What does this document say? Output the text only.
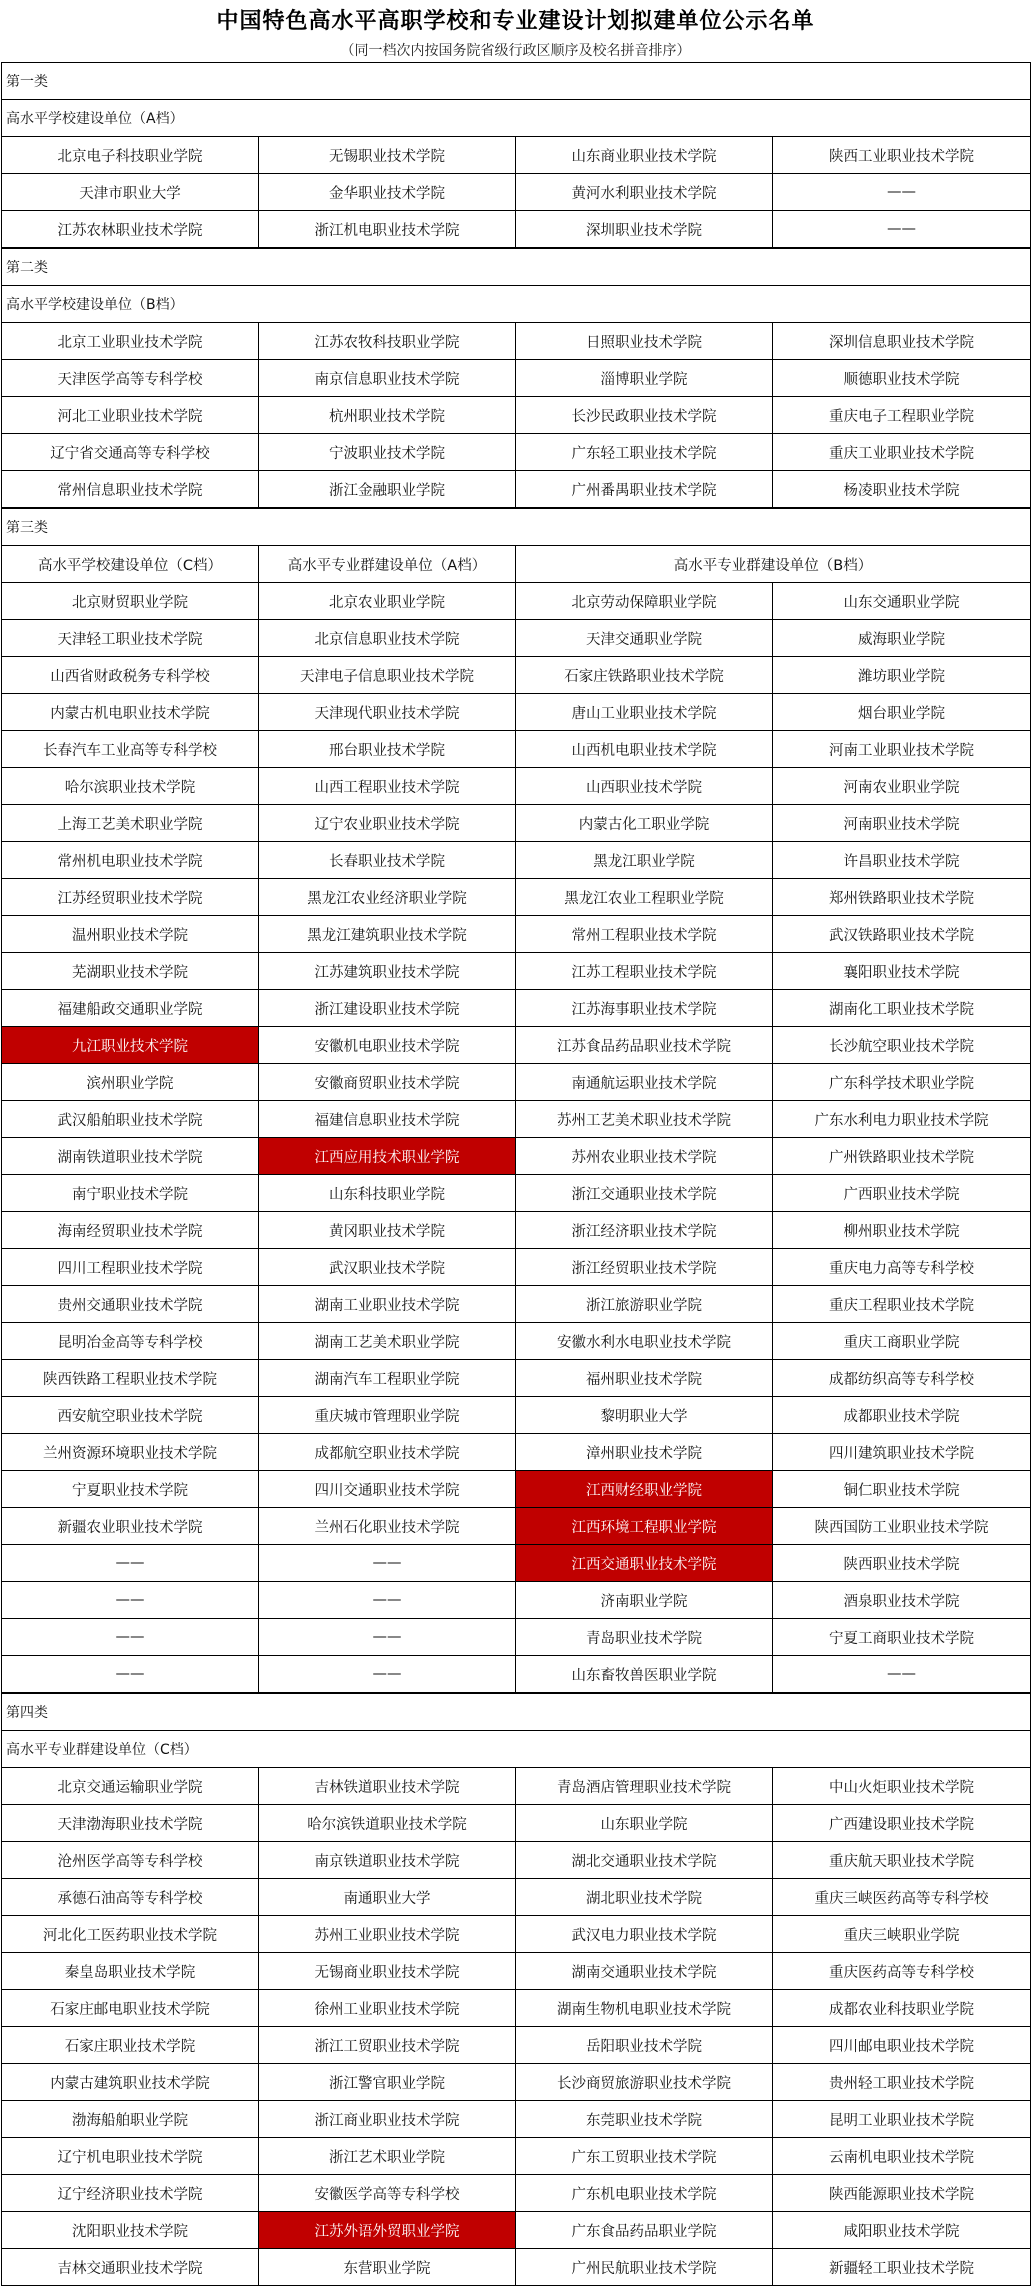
中国特色高水平高职学校和专业建设计划拟建单位公示名单
（同一档次内按国务院省级行政区顺序及校名拼音排序）
第一类			
高水平学校建设单位（A档）			
北京电子科技职业学院	无锡职业技术学院	山东商业职业技术学院	陕西工业职业技术学院
天津市职业大学	金华职业技术学院	黄河水利职业技术学院	——
江苏农林职业技术学院	浙江机电职业技术学院	深圳职业技术学院	——
第二类			
高水平学校建设单位（B档）			
北京工业职业技术学院	江苏农牧科技职业学院	日照职业技术学院	深圳信息职业技术学院
天津医学高等专科学校	南京信息职业技术学院	淄博职业学院	顺德职业技术学院
河北工业职业技术学院	杭州职业技术学院	长沙民政职业技术学院	重庆电子工程职业学院
辽宁省交通高等专科学校	宁波职业技术学院	广东轻工职业技术学院	重庆工业职业技术学院
常州信息职业技术学院	浙江金融职业学院	广州番禺职业技术学院	杨凌职业技术学院
第三类			
高水平学校建设单位（C档）	高水平专业群建设单位（A档）	高水平专业群建设单位（B档）	
北京财贸职业学院	北京农业职业学院	北京劳动保障职业学院	山东交通职业学院
天津轻工职业技术学院	北京信息职业技术学院	天津交通职业学院	威海职业学院
山西省财政税务专科学校	天津电子信息职业技术学院	石家庄铁路职业技术学院	潍坊职业学院
内蒙古机电职业技术学院	天津现代职业技术学院	唐山工业职业技术学院	烟台职业学院
长春汽车工业高等专科学校	邢台职业技术学院	山西机电职业技术学院	河南工业职业技术学院
哈尔滨职业技术学院	山西工程职业技术学院	山西职业技术学院	河南农业职业学院
上海工艺美术职业学院	辽宁农业职业技术学院	内蒙古化工职业学院	河南职业技术学院
常州机电职业技术学院	长春职业技术学院	黑龙江职业学院	许昌职业技术学院
江苏经贸职业技术学院	黑龙江农业经济职业学院	黑龙江农业工程职业学院	郑州铁路职业技术学院
温州职业技术学院	黑龙江建筑职业技术学院	常州工程职业技术学院	武汉铁路职业技术学院
芜湖职业技术学院	江苏建筑职业技术学院	江苏工程职业技术学院	襄阳职业技术学院
福建船政交通职业学院	浙江建设职业技术学院	江苏海事职业技术学院	湖南化工职业技术学院
九江职业技术学院	安徽机电职业技术学院	江苏食品药品职业技术学院	长沙航空职业技术学院
滨州职业学院	安徽商贸职业技术学院	南通航运职业技术学院	广东科学技术职业学院
武汉船舶职业技术学院	福建信息职业技术学院	苏州工艺美术职业技术学院	广东水利电力职业技术学院
湖南铁道职业技术学院	江西应用技术职业学院	苏州农业职业技术学院	广州铁路职业技术学院
南宁职业技术学院	山东科技职业学院	浙江交通职业技术学院	广西职业技术学院
海南经贸职业技术学院	黄冈职业技术学院	浙江经济职业技术学院	柳州职业技术学院
四川工程职业技术学院	武汉职业技术学院	浙江经贸职业技术学院	重庆电力高等专科学校
贵州交通职业技术学院	湖南工业职业技术学院	浙江旅游职业学院	重庆工程职业技术学院
昆明冶金高等专科学校	湖南工艺美术职业学院	安徽水利水电职业技术学院	重庆工商职业学院
陕西铁路工程职业技术学院	湖南汽车工程职业学院	福州职业技术学院	成都纺织高等专科学校
西安航空职业技术学院	重庆城市管理职业学院	黎明职业大学	成都职业技术学院
兰州资源环境职业技术学院	成都航空职业技术学院	漳州职业技术学院	四川建筑职业技术学院
宁夏职业技术学院	四川交通职业技术学院	江西财经职业学院	铜仁职业技术学院
新疆农业职业技术学院	兰州石化职业技术学院	江西环境工程职业学院	陕西国防工业职业技术学院
——	——	江西交通职业技术学院	陕西职业技术学院
——	——	济南职业学院	酒泉职业技术学院
——	——	青岛职业技术学院	宁夏工商职业技术学院
——	——	山东畜牧兽医职业学院	——
第四类			
高水平专业群建设单位（C档）			
北京交通运输职业学院	吉林铁道职业技术学院	青岛酒店管理职业技术学院	中山火炬职业技术学院
天津渤海职业技术学院	哈尔滨铁道职业技术学院	山东职业学院	广西建设职业技术学院
沧州医学高等专科学校	南京铁道职业技术学院	湖北交通职业技术学院	重庆航天职业技术学院
承德石油高等专科学校	南通职业大学	湖北职业技术学院	重庆三峡医药高等专科学校
河北化工医药职业技术学院	苏州工业职业技术学院	武汉电力职业技术学院	重庆三峡职业学院
秦皇岛职业技术学院	无锡商业职业技术学院	湖南交通职业技术学院	重庆医药高等专科学校
石家庄邮电职业技术学院	徐州工业职业技术学院	湖南生物机电职业技术学院	成都农业科技职业学院
石家庄职业技术学院	浙江工贸职业技术学院	岳阳职业技术学院	四川邮电职业技术学院
内蒙古建筑职业技术学院	浙江警官职业学院	长沙商贸旅游职业技术学院	贵州轻工职业技术学院
渤海船舶职业学院	浙江商业职业技术学院	东莞职业技术学院	昆明工业职业技术学院
辽宁机电职业技术学院	浙江艺术职业学院	广东工贸职业技术学院	云南机电职业技术学院
辽宁经济职业技术学院	安徽医学高等专科学校	广东机电职业技术学院	陕西能源职业技术学院
沈阳职业技术学院	江苏外语外贸职业学院	广东食品药品职业学院	咸阳职业技术学院
吉林交通职业技术学院	东营职业学院	广州民航职业技术学院	新疆轻工职业技术学院
